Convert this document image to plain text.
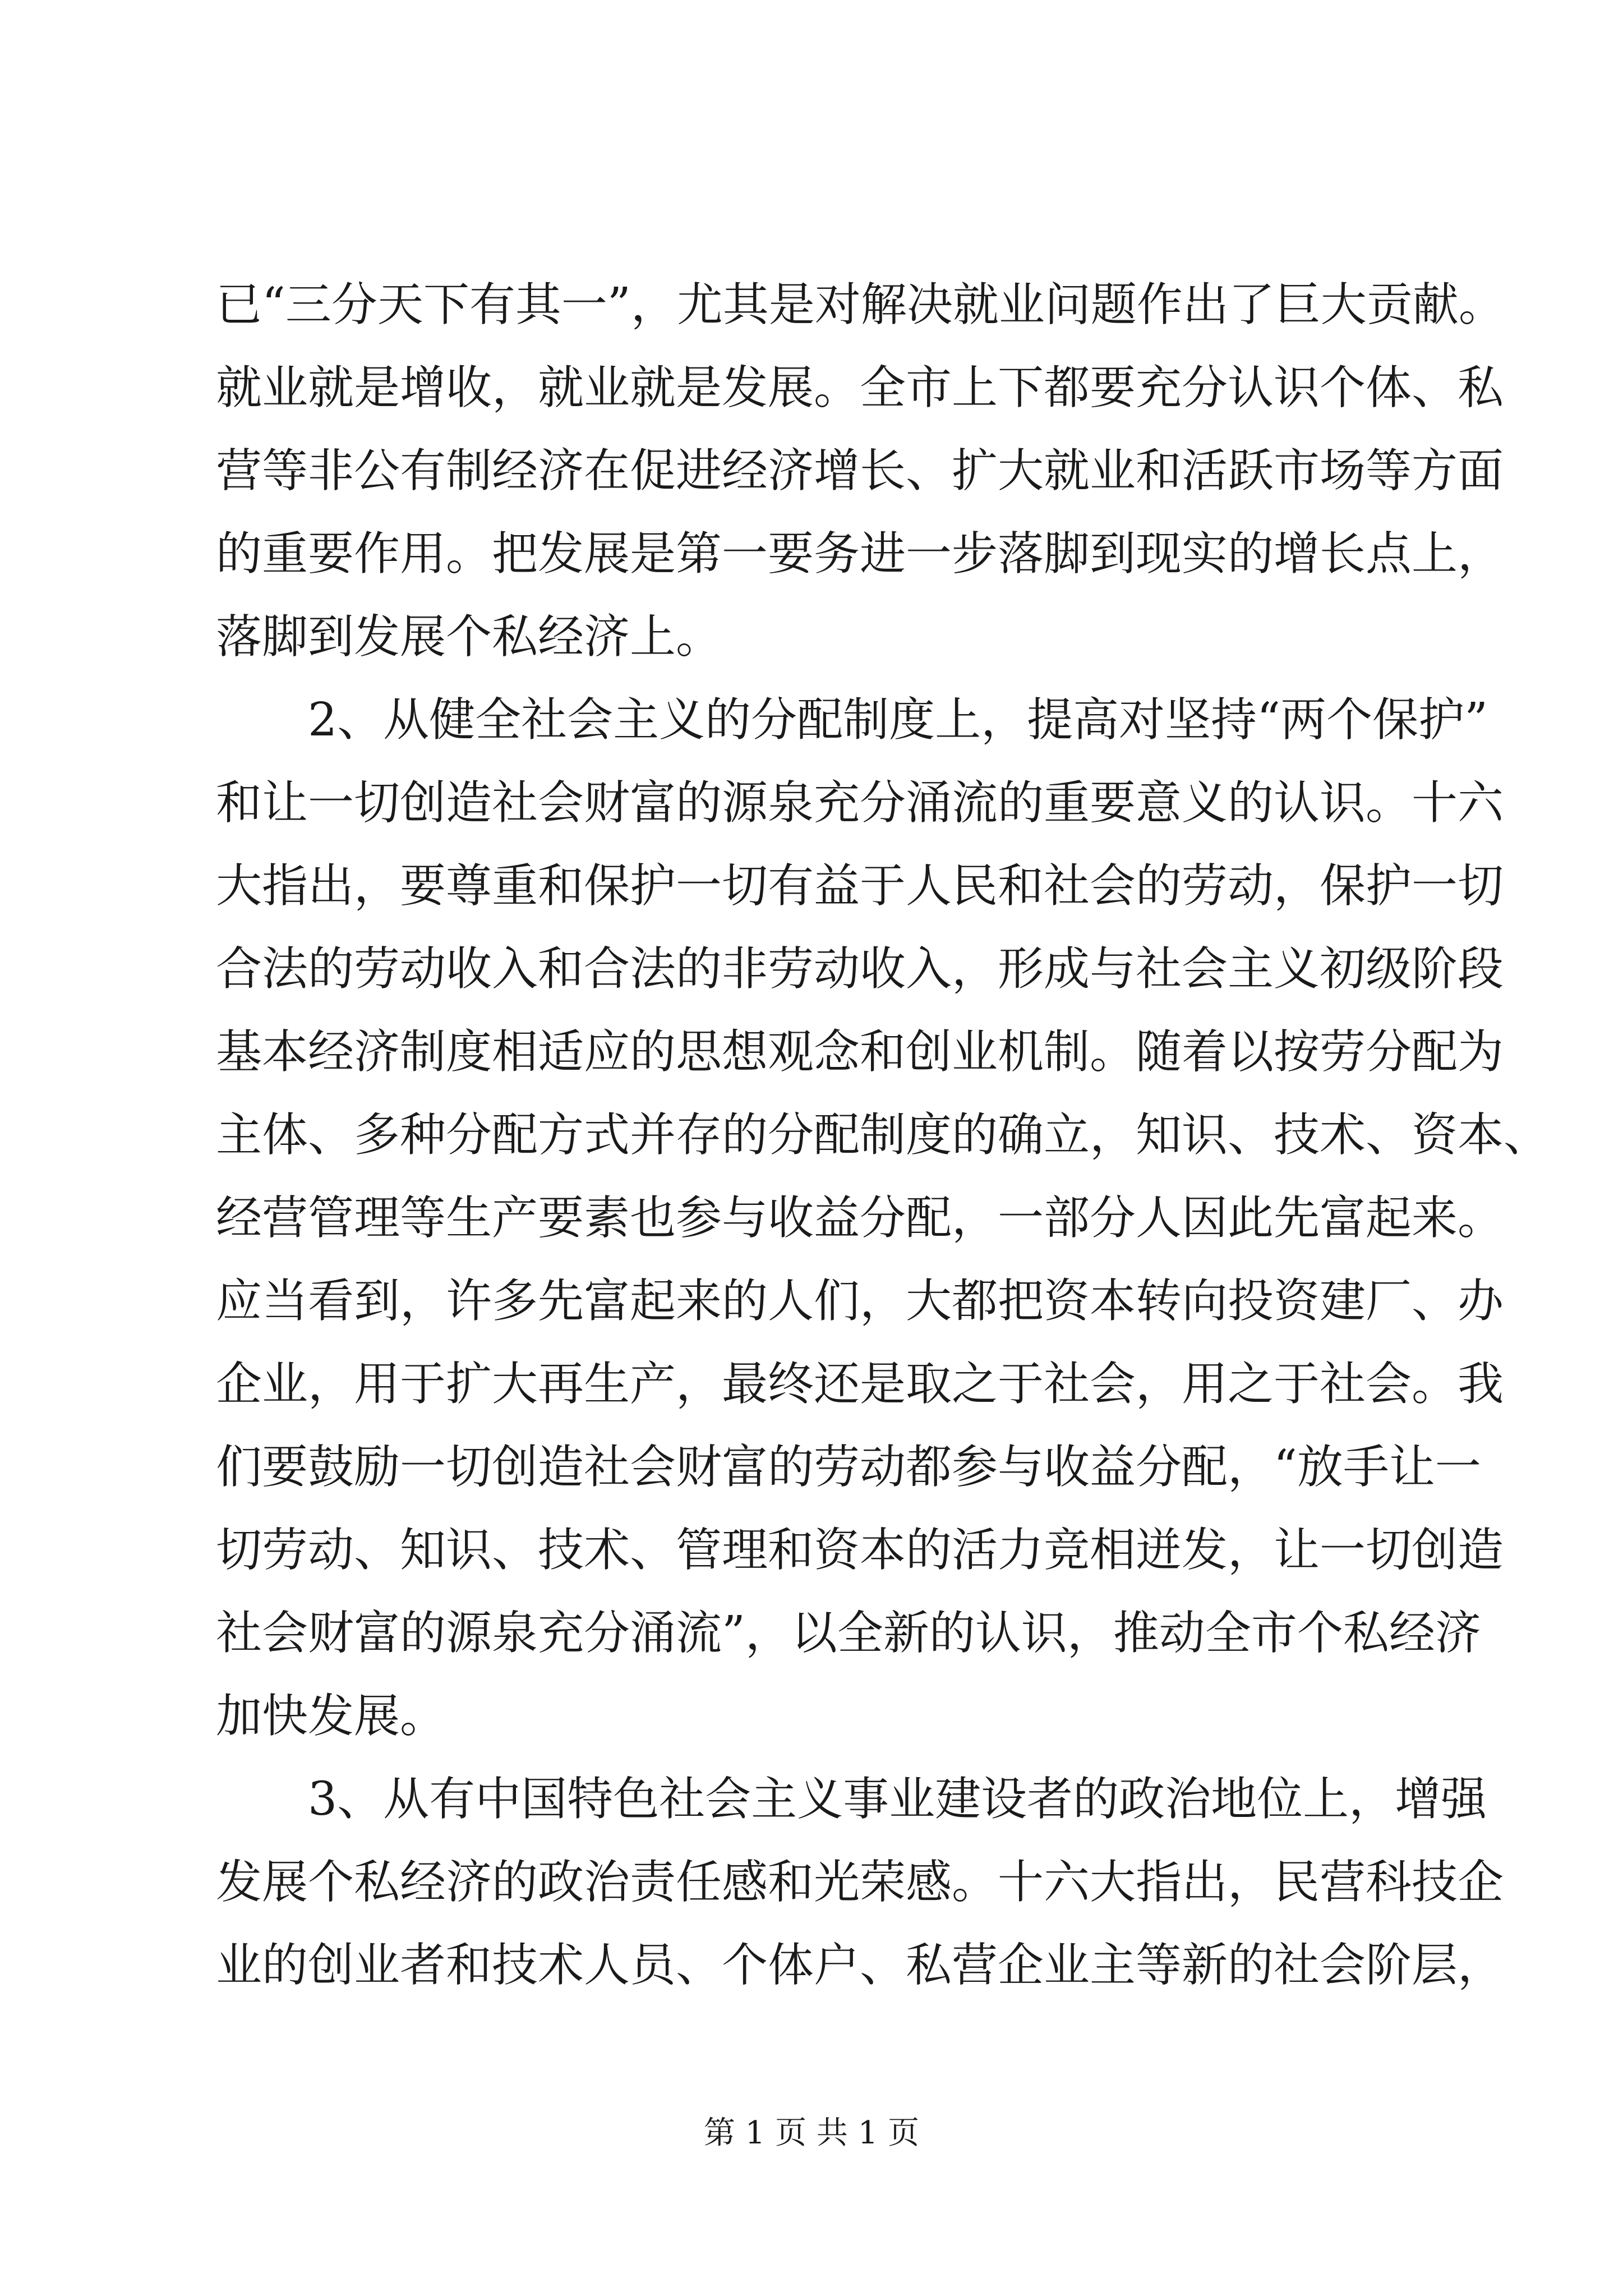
已“三分天下有其一”，尤其是对解决就业问题作出了巨大贡献。
就业就是增收，就业就是发展。全市上下都要充分认识个体、私
营等非公有制经济在促进经济增长、扩大就业和活跃市场等方面
的重要作用。把发展是第一要务进一步落脚到现实的增长点上，
落脚到发展个私经济上。
2、从健全社会主义的分配制度上，提高对坚持“两个保护”
和让一切创造社会财富的源泉充分涌流的重要意义的认识。十六
大指出，要尊重和保护一切有益于人民和社会的劳动，保护一切
合法的劳动收入和合法的非劳动收入，形成与社会主义初级阶段
基本经济制度相适应的思想观念和创业机制。随着以按劳分配为
主体、多种分配方式并存的分配制度的确立，知识、技术、资本、
经营管理等生产要素也参与收益分配，一部分人因此先富起来。
应当看到，许多先富起来的人们，大都把资本转向投资建厂、办
企业，用于扩大再生产，最终还是取之于社会，用之于社会。我
们要鼓励一切创造社会财富的劳动都参与收益分配，“放手让一
切劳动、知识、技术、管理和资本的活力竞相迸发，让一切创造
社会财富的源泉充分涌流”，以全新的认识，推动全市个私经济
加快发展。
3、从有中国特色社会主义事业建设者的政治地位上，增强
发展个私经济的政治责任感和光荣感。十六大指出，民营科技企
业的创业者和技术人员、个体户、私营企业主等新的社会阶层，
第 1 页 共 1 页
